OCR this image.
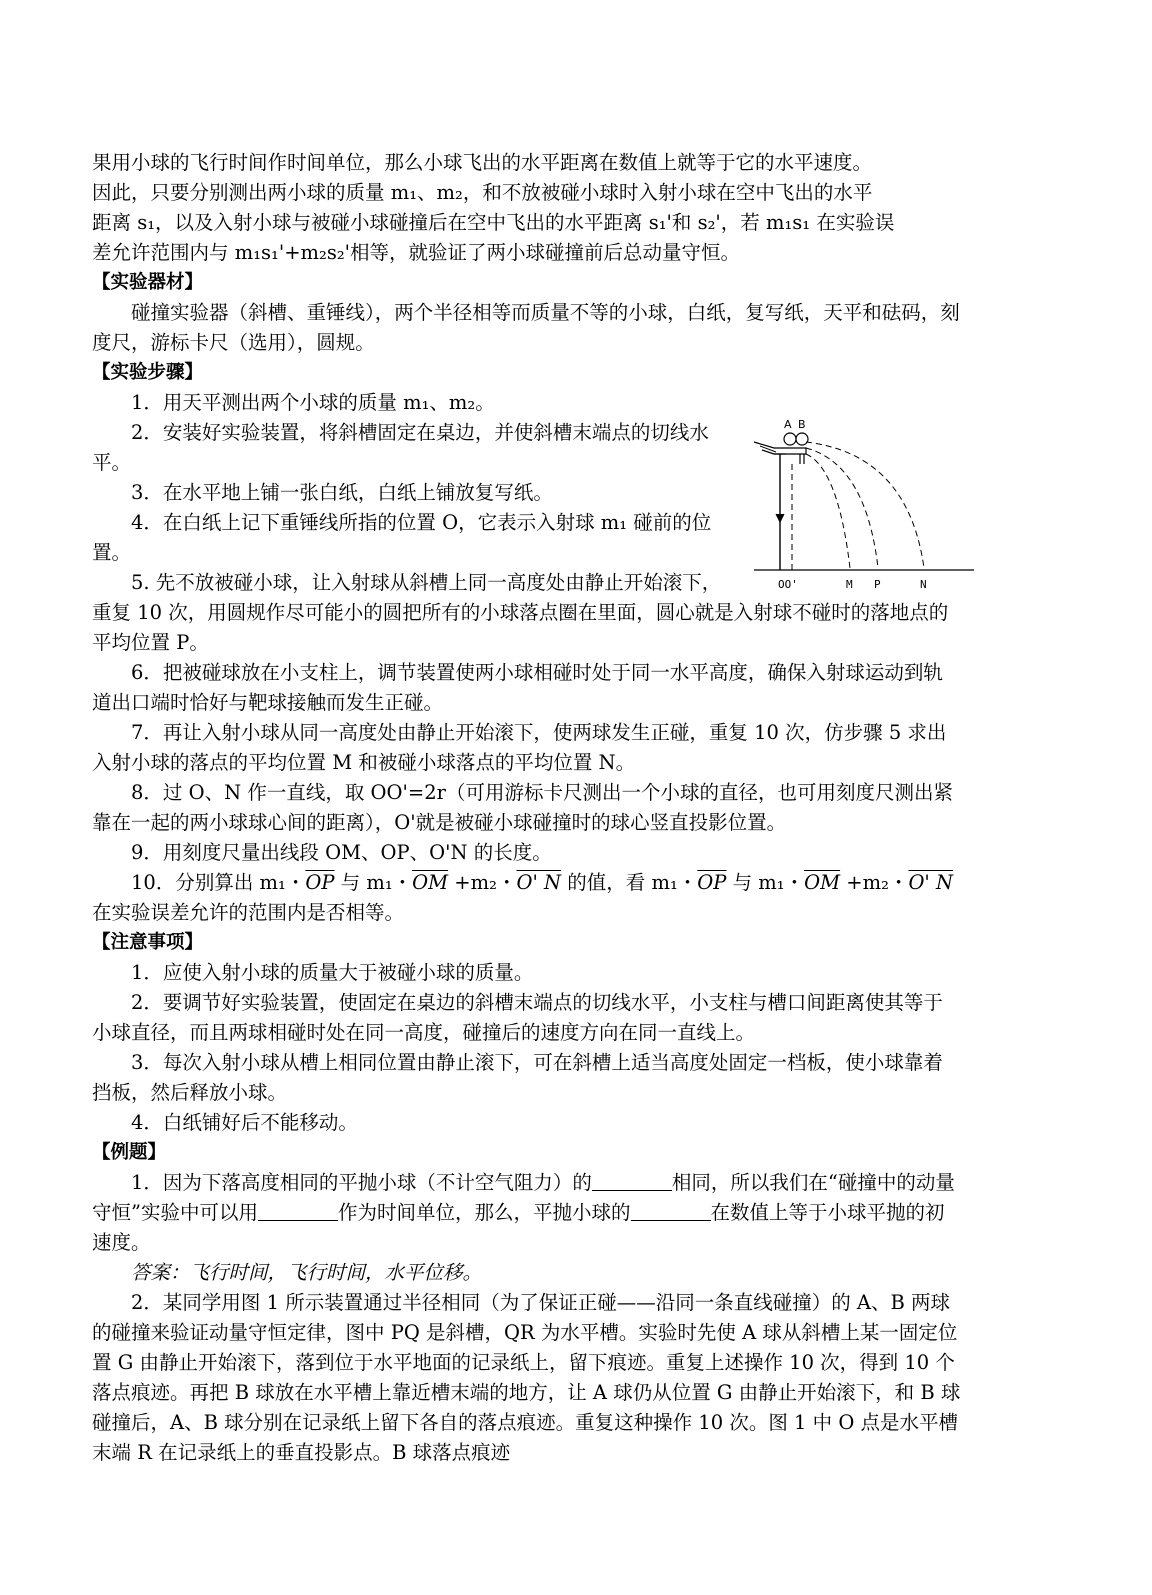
果用小球的飞行时间作时间单位，那么小球飞出的水平距离在数值上就等于它的水平速度。

因此，只要分别测出两小球的质量 m₁、m₂，和不放被碰小球时入射小球在空中飞出的水平

距离 s₁，以及入射小球与被碰小球碰撞后在空中飞出的水平距离 s₁'和 s₂'，若 m₁s₁ 在实验误

差允许范围内与 m₁s₁'+m₂s₂'相等，就验证了两小球碰撞前后总动量守恒。

【实验器材】

碰撞实验器（斜槽、重锤线），两个半径相等而质量不等的小球，白纸，复写纸，天平和砝码，刻度尺，游标卡尺（选用），圆规。

【实验步骤】

1．用天平测出两个小球的质量 m₁、m₂。

A B
OO'	M P	N

2．安装好实验装置，将斜槽固定在桌边，并使斜槽末端点的切线水平。

3．在水平地上铺一张白纸，白纸上铺放复写纸。

4．在白纸上记下重锤线所指的位置 O，它表示入射球 m₁ 碰前的位置。

5. 先不放被碰小球，让入射球从斜槽上同一高度处由静止开始滚下，重复 10 次，用圆规作尽可能小的圆把所有的小球落点圈在里面，圆心就是入射球不碰时的落地点的平均位置 P。

6．把被碰球放在小支柱上，调节装置使两小球相碰时处于同一水平高度，确保入射球运动到轨道出口端时恰好与靶球接触而发生正碰。

7．再让入射小球从同一高度处由静止开始滚下，使两球发生正碰，重复 10 次，仿步骤 5 求出入射小球的落点的平均位置 M 和被碰小球落点的平均位置 N。

8．过 O、N 作一直线，取 OO'=2r（可用游标卡尺测出一个小球的直径，也可用刻度尺测出紧靠在一起的两小球球心间的距离），O'就是被碰小球碰撞时的球心竖直投影位置。

9．用刻度尺量出线段 OM、OP、O'N 的长度。

10．分别算出 m₁・$\overline{OP}$ 与 m₁・$\overline{OM} +m_2$・O' N 的值，看 m₁・$\overline{OP}$ 与 m₁・$\overline{OM} +m_2$・O' N

在实验误差允许的范围内是否相等。

【注意事项】

1．应使入射小球的质量大于被碰小球的质量。

2．要调节好实验装置，使固定在桌边的斜槽末端点的切线水平，小支柱与槽口间距离使其等于小球直径，而且两球相碰时处在同一高度，碰撞后的速度方向在同一直线上。

3．每次入射小球从槽上相同位置由静止滚下，可在斜槽上适当高度处固定一档板，使小球靠着挡板，然后释放小球。

4．白纸铺好后不能移动。

【例题】

1．因为下落高度相同的平抛小球（不计空气阻力）的	相同，所以我们在“碰撞中的动量守恒”实验中可以用	作为时间单位，那么，平抛小球的	在数值上等于小球平抛的初速度。

答案：飞行时间，飞行时间，水平位移。

2．某同学用图 1 所示装置通过半径相同（为了保证正碰——沿同一条直线碰撞）的 A、B 两球的碰撞来验证动量守恒定律，图中 PQ 是斜槽，QR 为水平槽。实验时先使 A 球从斜槽上某一固定位置 G 由静止开始滚下，落到位于水平地面的记录纸上，留下痕迹。重复上述操作 10 次，得到 10 个落点痕迹。再把 B 球放在水平槽上靠近槽末端的地方，让 A 球仍从位置 G 由静止开始滚下，和 B 球碰撞后，A、B 球分别在记录纸上留下各自的落点痕迹。重复这种操作 10 次。图 1 中 O 点是水平槽末端 R 在记录纸上的垂直投影点。B 球落点痕迹
